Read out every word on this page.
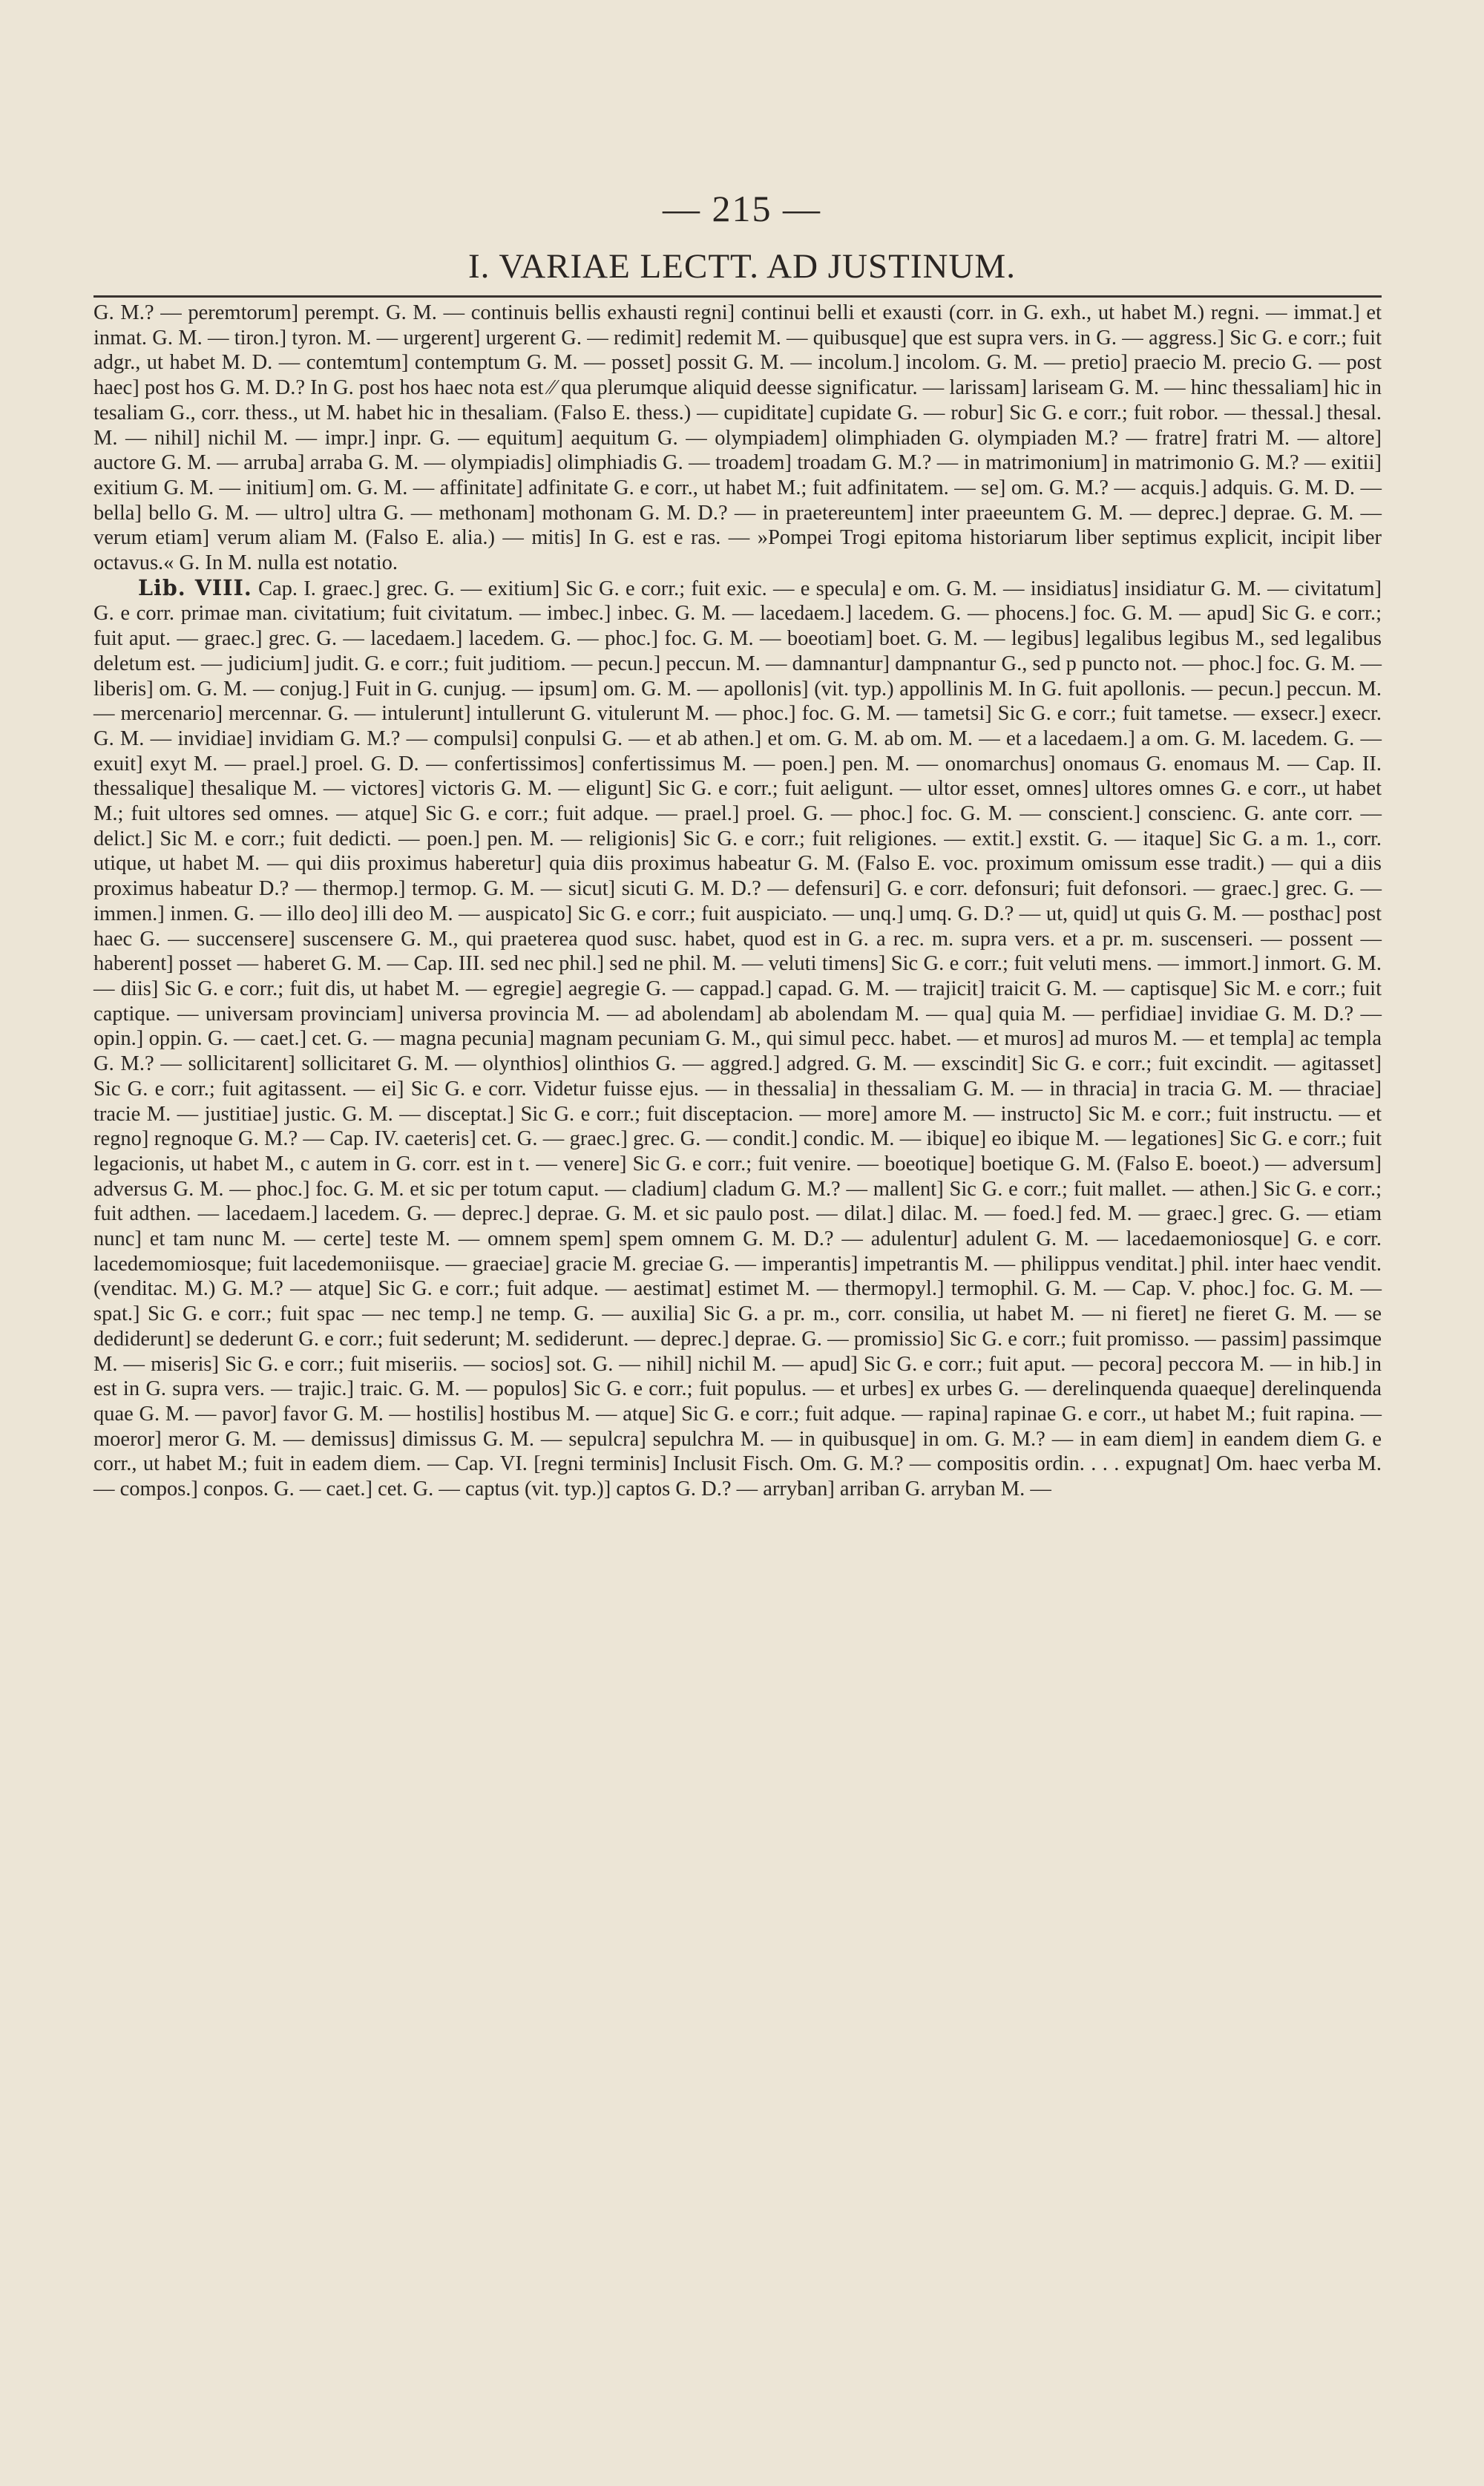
— 215 —
I. VARIAE LECTT. AD JUSTINUM.

G. M.? — peremtorum] perempt. G. M. — continuis bellis exhausti regni] continui belli et exausti (corr. in G. exh., ut habet M.) regni. — immat.] et inmat. G. M. — tiron.] tyron. M. — urgerent] urgerent G. — redimit] redemit M. — quibusque] que est supra vers. in G. — aggress.] Sic G. e corr.; fuit adgr., ut habet M. D. — contemtum] contemptum G. M. — posset] possit G. M. — incolum.] incolom. G. M. — pretio] praecio M. precio G. — post haec] post hos G. M. D.? In G. post hos haec nota est ⁄⁄ qua plerumque aliquid deesse significatur. — larissam] lariseam G. M. — hinc thessaliam] hic in tesaliam G., corr. thess., ut M. habet hic in thesaliam. (Falso E. thess.) — cupiditate] cupidate G. — robur] Sic G. e corr.; fuit robor. — thessal.] thesal. M. — nihil] nichil M. — impr.] inpr. G. — equitum] aequitum G. — olympiadem] olimphiaden G. olympiaden M.? — fratre] fratri M. — altore] auctore G. M. — arruba] arraba G. M. — olympiadis] olimphiadis G. — troadem] troadam G. M.? — in matrimonium] in matrimonio G. M.? — exitii] exitium G. M. — initium] om. G. M. — affinitate] adfinitate G. e corr., ut habet M.; fuit adfinitatem. — se] om. G. M.? — acquis.] adquis. G. M. D. — bella] bello G. M. — ultro] ultra G. — methonam] mothonam G. M. D.? — in praetereuntem] inter praeeuntem G. M. — deprec.] deprae. G. M. — verum etiam] verum aliam M. (Falso E. alia.) — mitis] In G. est e ras. — »Pompei Trogi epitoma historiarum liber septimus explicit, incipit liber octavus.« G. In M. nulla est notatio.

Lib. VIII. Cap. I. graec.] grec. G. — exitium] Sic G. e corr.; fuit exic. — e specula] e om. G. M. — insidiatus] insidiatur G. M. — civitatum] G. e corr. primae man. civitatium; fuit civitatum. — imbec.] inbec. G. M. — lacedaem.] lacedem. G. — phocens.] foc. G. M. — apud] Sic G. e corr.; fuit aput. — graec.] grec. G. — lacedaem.] lacedem. G. — phoc.] foc. G. M. — boeotiam] boet. G. M. — legibus] legalibus legibus M., sed legalibus deletum est. — judicium] judit. G. e corr.; fuit juditiom. — pecun.] peccun. M. — damnantur] dampnantur G., sed p puncto not. — phoc.] foc. G. M. — liberis] om. G. M. — conjug.] Fuit in G. cunjug. — ipsum] om. G. M. — apollonis] (vit. typ.) appollinis M. In G. fuit apollonis. — pecun.] peccun. M. — mercenario] mercennar. G. — intulerunt] intullerunt G. vitulerunt M. — phoc.] foc. G. M. — tametsi] Sic G. e corr.; fuit tametse. — exsecr.] execr. G. M. — invidiae] invidiam G. M.? — compulsi] conpulsi G. — et ab athen.] et om. G. M. ab om. M. — et a lacedaem.] a om. G. M. lacedem. G. — exuit] exyt M. — prael.] proel. G. D. — confertissimos] confertissimus M. — poen.] pen. M. — onomarchus] onomaus G. enomaus M. — Cap. II. thessalique] thesalique M. — victores] victoris G. M. — eligunt] Sic G. e corr.; fuit aeligunt. — ultor esset, omnes] ultores omnes G. e corr., ut habet M.; fuit ultores sed omnes. — atque] Sic G. e corr.; fuit adque. — prael.] proel. G. — phoc.] foc. G. M. — conscient.] conscienc. G. ante corr. — delict.] Sic M. e corr.; fuit dedicti. — poen.] pen. M. — religionis] Sic G. e corr.; fuit religiones. — extit.] exstit. G. — itaque] Sic G. a m. 1., corr. utique, ut habet M. — qui diis proximus haberetur] quia diis proximus habeatur G. M. (Falso E. voc. proximum omissum esse tradit.) — qui a diis proximus habeatur D.? — thermop.] termop. G. M. — sicut] sicuti G. M. D.? — defensuri] G. e corr. defonsuri; fuit defonsori. — graec.] grec. G. — immen.] inmen. G. — illo deo] illi deo M. — auspicato] Sic G. e corr.; fuit auspiciato. — unq.] umq. G. D.? — ut, quid] ut quis G. M. — posthac] post haec G. — succensere] suscensere G. M., qui praeterea quod susc. habet, quod est in G. a rec. m. supra vers. et a pr. m. suscenseri. — possent — haberent] posset — haberet G. M. — Cap. III. sed nec phil.] sed ne phil. M. — veluti timens] Sic G. e corr.; fuit veluti mens. — immort.] inmort. G. M. — diis] Sic G. e corr.; fuit dis, ut habet M. — egregie] aegregie G. — cappad.] capad. G. M. — trajicit] traicit G. M. — captisque] Sic M. e corr.; fuit captique. — universam provinciam] universa provincia M. — ad abolendam] ab abolendam M. — qua] quia M. — perfidiae] invidiae G. M. D.? — opin.] oppin. G. — caet.] cet. G. — magna pecunia] magnam pecuniam G. M., qui simul pecc. habet. — et muros] ad muros M. — et templa] ac templa G. M.? — sollicitarent] sollicitaret G. M. — olynthios] olinthios G. — aggred.] adgred. G. M. — exscindit] Sic G. e corr.; fuit excindit. — agitasset] Sic G. e corr.; fuit agitassent. — ei] Sic G. e corr. Videtur fuisse ejus. — in thessalia] in thessaliam G. M. — in thracia] in tracia G. M. — thraciae] tracie M. — justitiae] justic. G. M. — disceptat.] Sic G. e corr.; fuit disceptacion. — more] amore M. — instructo] Sic M. e corr.; fuit instructu. — et regno] regnoque G. M.? — Cap. IV. caeteris] cet. G. — graec.] grec. G. — condit.] condic. M. — ibique] eo ibique M. — legationes] Sic G. e corr.; fuit legacionis, ut habet M., c autem in G. corr. est in t. — venere] Sic G. e corr.; fuit venire. — boeotique] boetique G. M. (Falso E. boeot.) — adversum] adversus G. M. — phoc.] foc. G. M. et sic per totum caput. — cladium] cladum G. M.? — mallent] Sic G. e corr.; fuit mallet. — athen.] Sic G. e corr.; fuit adthen. — lacedaem.] lacedem. G. — deprec.] deprae. G. M. et sic paulo post. — dilat.] dilac. M. — foed.] fed. M. — graec.] grec. G. — etiam nunc] et tam nunc M. — certe] teste M. — omnem spem] spem omnem G. M. D.? — adulentur] adulent G. M. — lacedaemoniosque] G. e corr. lacedemomiosque; fuit lacedemoniisque. — graeciae] gracie M. greciae G. — imperantis] impetrantis M. — philippus venditat.] phil. inter haec vendit. (venditac. M.) G. M.? — atque] Sic G. e corr.; fuit adque. — aestimat] estimet M. — thermopyl.] termophil. G. M. — Cap. V. phoc.] foc. G. M. — spat.] Sic G. e corr.; fuit spac — nec temp.] ne temp. G. — auxilia] Sic G. a pr. m., corr. consilia, ut habet M. — ni fieret] ne fieret G. M. — se dediderunt] se dederunt G. e corr.; fuit sederunt; M. sediderunt. — deprec.] deprae. G. — promissio] Sic G. e corr.; fuit promisso. — passim] passimque M. — miseris] Sic G. e corr.; fuit miseriis. — socios] sot. G. — nihil] nichil M. — apud] Sic G. e corr.; fuit aput. — pecora] peccora M. — in hib.] in est in G. supra vers. — trajic.] traic. G. M. — populos] Sic G. e corr.; fuit populus. — et urbes] ex urbes G. — derelinquenda quaeque] derelinquenda quae G. M. — pavor] favor G. M. — hostilis] hostibus M. — atque] Sic G. e corr.; fuit adque. — rapina] rapinae G. e corr., ut habet M.; fuit rapina. — moeror] meror G. M. — demissus] dimissus G. M. — sepulcra] sepulchra M. — in quibusque] in om. G. M.? — in eam diem] in eandem diem G. e corr., ut habet M.; fuit in eadem diem. — Cap. VI. [regni terminis] Inclusit Fisch. Om. G. M.? — compositis ordin. . . . expugnat] Om. haec verba M. — compos.] conpos. G. — caet.] cet. G. — captus (vit. typ.)] captos G. D.? — arryban] arriban G. arryban M. —
